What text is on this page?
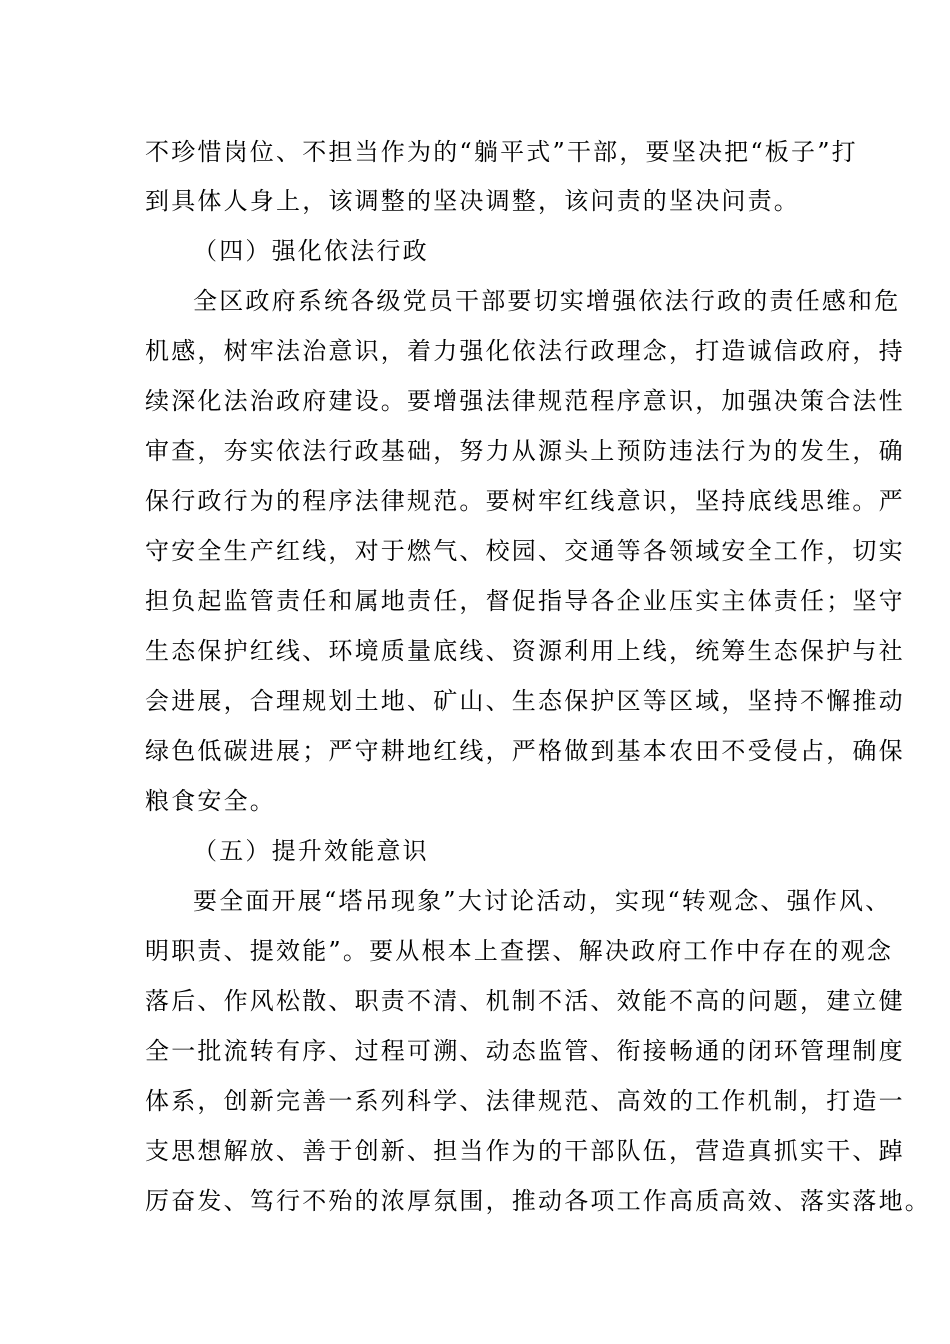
不珍惜岗位、不担当作为的“躺平式”干部，要坚决把“板子”打
到具体人身上，该调整的坚决调整，该问责的坚决问责。
（四）强化依法行政
全区政府系统各级党员干部要切实增强依法行政的责任感和危
机感，树牢法治意识，着力强化依法行政理念，打造诚信政府，持
续深化法治政府建设。要增强法律规范程序意识，加强决策合法性
审查，夯实依法行政基础，努力从源头上预防违法行为的发生，确
保行政行为的程序法律规范。要树牢红线意识，坚持底线思维。严
守安全生产红线，对于燃气、校园、交通等各领域安全工作，切实
担负起监管责任和属地责任，督促指导各企业压实主体责任；坚守
生态保护红线、环境质量底线、资源利用上线，统筹生态保护与社
会进展，合理规划土地、矿山、生态保护区等区域，坚持不懈推动
绿色低碳进展；严守耕地红线，严格做到基本农田不受侵占，确保
粮食安全。
（五）提升效能意识
要全面开展“塔吊现象”大讨论活动，实现“转观念、强作风、
明职责、提效能”。要从根本上查摆、解决政府工作中存在的观念
落后、作风松散、职责不清、机制不活、效能不高的问题，建立健
全一批流转有序、过程可溯、动态监管、衔接畅通的闭环管理制度
体系，创新完善一系列科学、法律规范、高效的工作机制，打造一
支思想解放、善于创新、担当作为的干部队伍，营造真抓实干、踔
厉奋发、笃行不殆的浓厚氛围，推动各项工作高质高效、落实落地。
